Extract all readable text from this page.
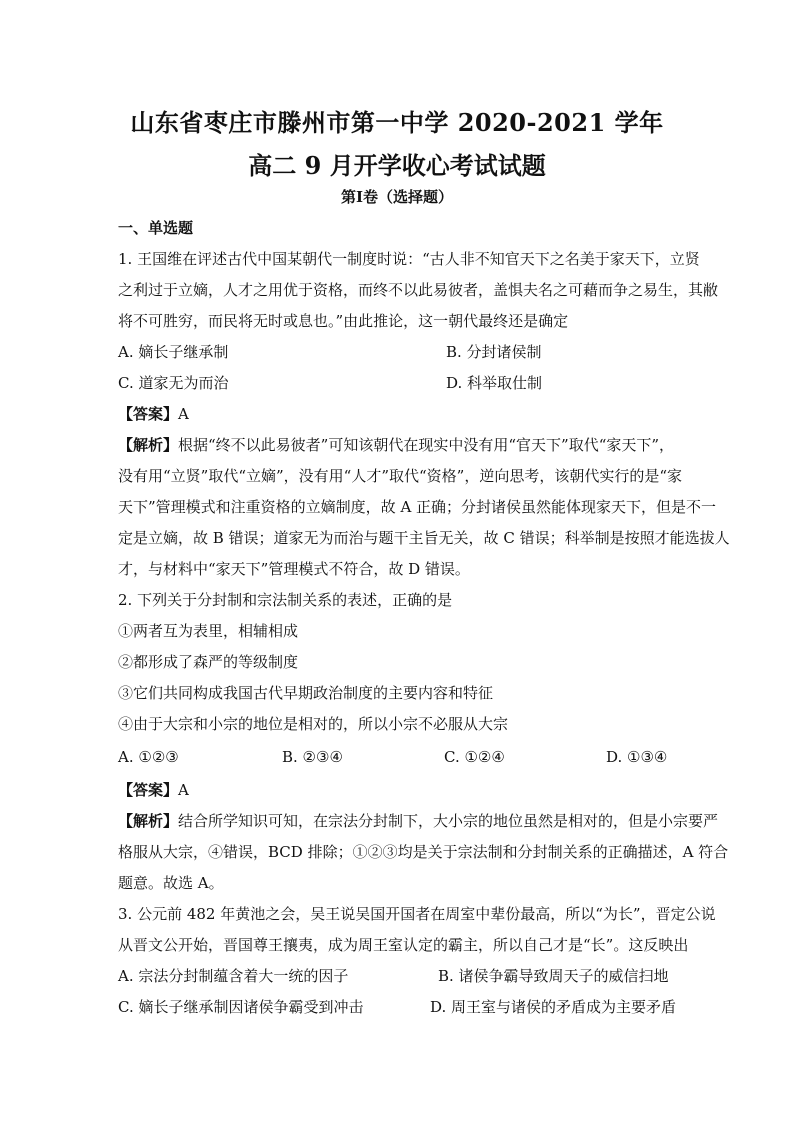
山东省枣庄市滕州市第一中学 2020-2021 学年
高二 9 月开学收心考试试题
第Ⅰ卷（选择题）
一、单选题
1. 王国维在评述古代中国某朝代一制度时说：“古人非不知官天下之名美于家天下，立贤
之利过于立嫡，人才之用优于资格，而终不以此易彼者，盖惧夫名之可藉而争之易生，其敝
将不可胜穷，而民将无时或息也。”由此推论，这一朝代最终还是确定
A. 嫡长子继承制	B. 分封诸侯制
C. 道家无为而治	D. 科举取仕制
【答案】A
【解析】根据“终不以此易彼者”可知该朝代在现实中没有用“官天下”取代“家天下”，
没有用“立贤”取代“立嫡”，没有用“人才”取代“资格”，逆向思考，该朝代实行的是“家
天下”管理模式和注重资格的立嫡制度，故 A 正确；分封诸侯虽然能体现家天下，但是不一
定是立嫡，故 B 错误；道家无为而治与题干主旨无关，故 C 错误；科举制是按照才能选拔人
才，与材料中“家天下”管理模式不符合，故 D 错误。
2. 下列关于分封制和宗法制关系的表述，正确的是
①两者互为表里，相辅相成
②都形成了森严的等级制度
③它们共同构成我国古代早期政治制度的主要内容和特征
④由于大宗和小宗的地位是相对的，所以小宗不必服从大宗
A. ①②③	B. ②③④	C. ①②④	D. ①③④
【答案】A
【解析】结合所学知识可知，在宗法分封制下，大小宗的地位虽然是相对的，但是小宗要严
格服从大宗，④错误，BCD 排除；①②③均是关于宗法制和分封制关系的正确描述，A 符合
题意。故选 A。
3. 公元前 482 年黄池之会，吴王说吴国开国者在周室中辈份最高，所以“为长”，晋定公说
从晋文公开始，晋国尊王攘夷，成为周王室认定的霸主，所以自己才是“长”。这反映出
A. 宗法分封制蕴含着大一统的因子	B. 诸侯争霸导致周天子的威信扫地
C. 嫡长子继承制因诸侯争霸受到冲击	D. 周王室与诸侯的矛盾成为主要矛盾
